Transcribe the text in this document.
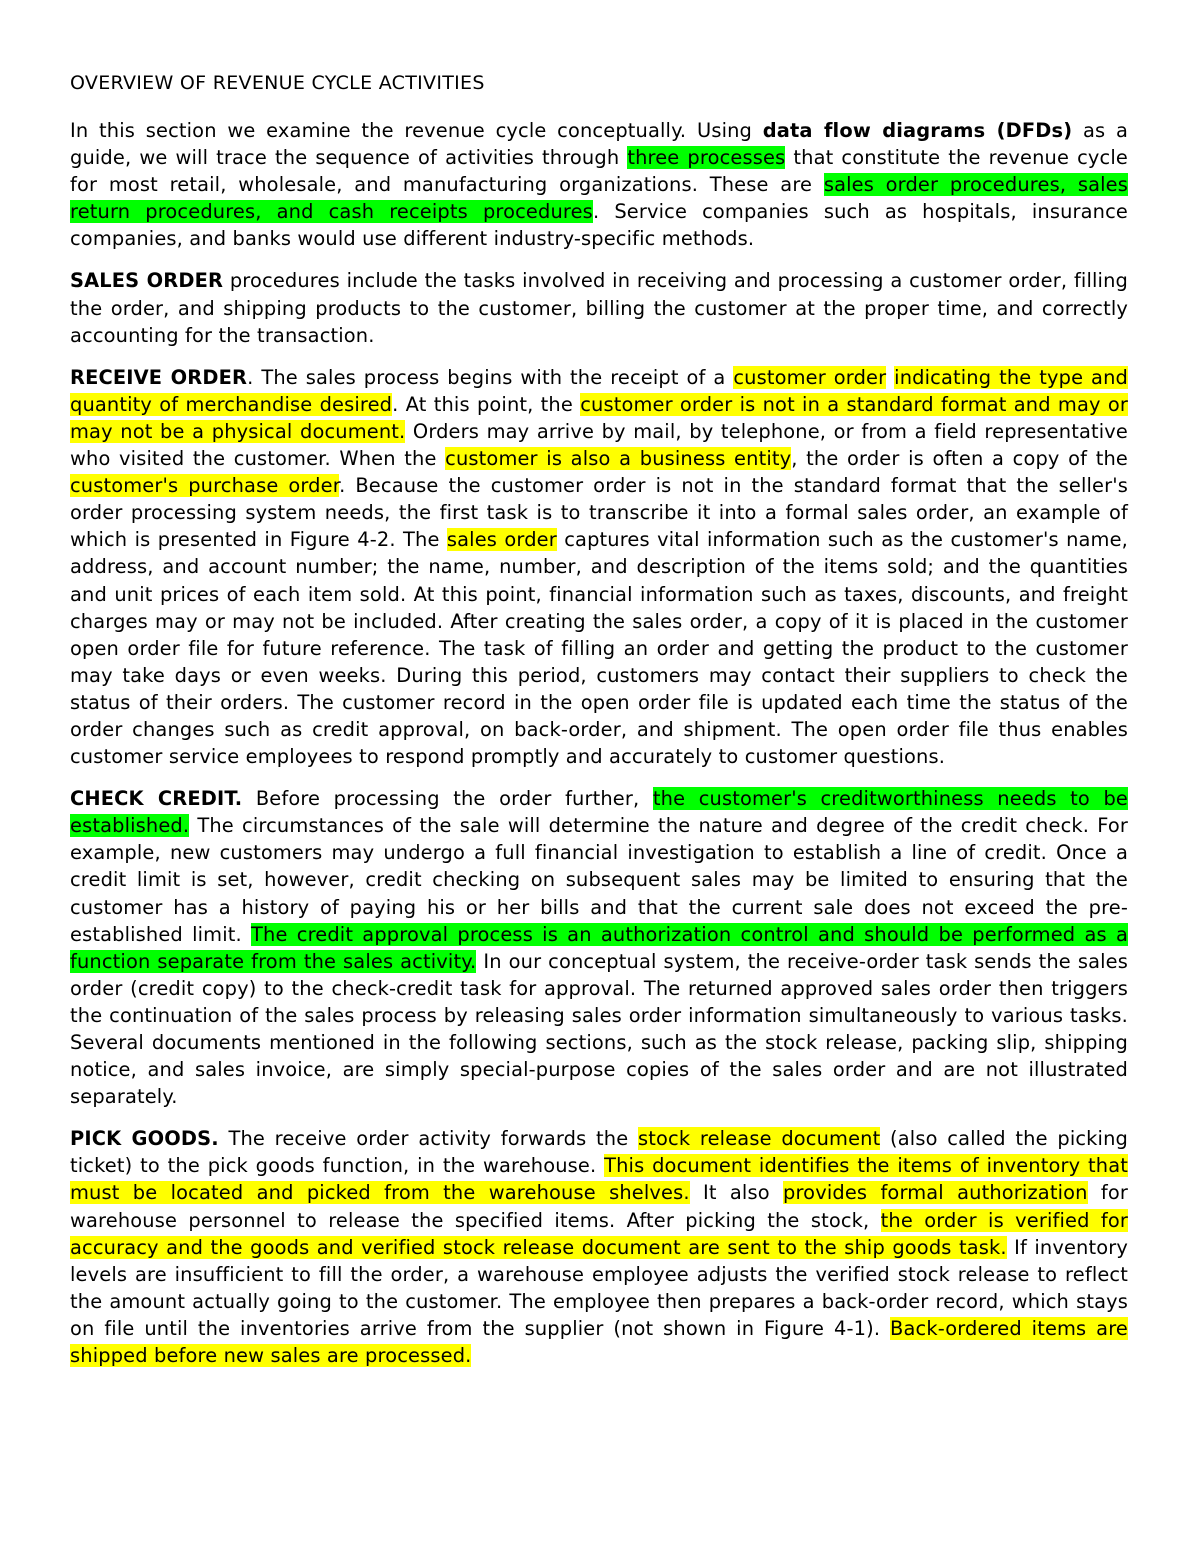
OVERVIEW OF REVENUE CYCLE ACTIVITIES

In this section we examine the revenue cycle conceptually. Using data flow diagrams (DFDs) as a guide, we will trace the sequence of activities through three processes that constitute the revenue cycle for most retail, wholesale, and manufacturing organizations. These are sales order procedures, sales return procedures, and cash receipts procedures. Service companies such as hospitals, insurance companies, and banks would use different industry-specific methods.

SALES ORDER procedures include the tasks involved in receiving and processing a customer order, filling the order, and shipping products to the customer, billing the customer at the proper time, and correctly accounting for the transaction.

RECEIVE ORDER. The sales process begins with the receipt of a customer order indicating the type and quantity of merchandise desired. At this point, the customer order is not in a standard format and may or may not be a physical document. Orders may arrive by mail, by telephone, or from a field representative who visited the customer. When the customer is also a business entity, the order is often a copy of the customer's purchase order. Because the customer order is not in the standard format that the seller's order processing system needs, the first task is to transcribe it into a formal sales order, an example of which is presented in Figure 4-2. The sales order captures vital information such as the customer's name, address, and account number; the name, number, and description of the items sold; and the quantities and unit prices of each item sold. At this point, financial information such as taxes, discounts, and freight charges may or may not be included. After creating the sales order, a copy of it is placed in the customer open order file for future reference. The task of filling an order and getting the product to the customer may take days or even weeks. During this period, customers may contact their suppliers to check the status of their orders. The customer record in the open order file is updated each time the status of the order changes such as credit approval, on back-order, and shipment. The open order file thus enables customer service employees to respond promptly and accurately to customer questions.

CHECK CREDIT. Before processing the order further, the customer's creditworthiness needs to be established. The circumstances of the sale will determine the nature and degree of the credit check. For example, new customers may undergo a full financial investigation to establish a line of credit. Once a credit limit is set, however, credit checking on subsequent sales may be limited to ensuring that the customer has a history of paying his or her bills and that the current sale does not exceed the pre-established limit. The credit approval process is an authorization control and should be performed as a function separate from the sales activity. In our conceptual system, the receive-order task sends the sales order (credit copy) to the check-credit task for approval. The returned approved sales order then triggers the continuation of the sales process by releasing sales order information simultaneously to various tasks. Several documents mentioned in the following sections, such as the stock release, packing slip, shipping notice, and sales invoice, are simply special-purpose copies of the sales order and are not illustrated separately.

PICK GOODS. The receive order activity forwards the stock release document (also called the picking ticket) to the pick goods function, in the warehouse. This document identifies the items of inventory that must be located and picked from the warehouse shelves. It also provides formal authorization for warehouse personnel to release the specified items. After picking the stock, the order is verified for accuracy and the goods and verified stock release document are sent to the ship goods task. If inventory levels are insufficient to fill the order, a warehouse employee adjusts the verified stock release to reflect the amount actually going to the customer. The employee then prepares a back-order record, which stays on file until the inventories arrive from the supplier (not shown in Figure 4-1). Back-ordered items are shipped before new sales are processed.
